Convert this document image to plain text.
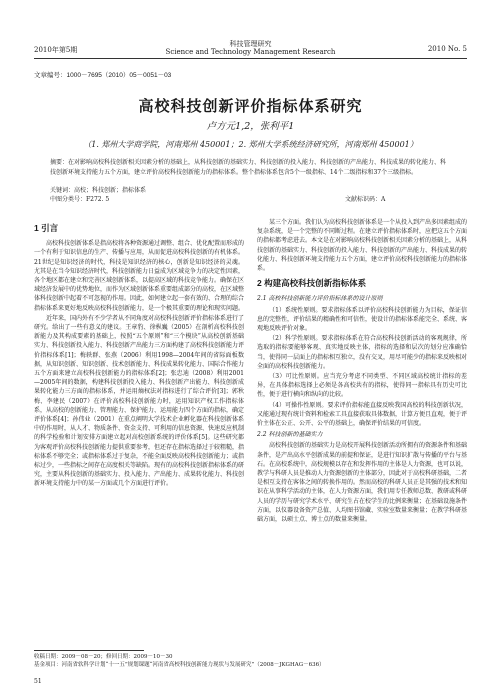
2010年第5期
科技管理研究
Science and Technology Management Research	2010 No. 5
文章编号：1000－7695（2010）05－0051－03
高校科技创新评价指标体系研究
卢方元1,2，张利平1
（1. 郑州大学商学院，河南郑州 450001；2. 郑州大学系统经济研究所，河南郑州 450001）
摘要：在对影响高校科技创新相关因素分析的基础上，从科技创新的基础实力、科技创新的投入能力、科技创新的产出能力、科技成果的转化能力、科技创新环境支持能力五个方面，建立评价高校科技创新能力的指标体系。整个指标体系包含5个一级指标、14个二级指标和37个三级指标。
关键词：高校；科技创新；指标体系
中图分类号：F272. 5	文献标识码：A
1 引言

高校科技创新体系是指高校将各种资源通过调整、组合、优化配置而形成的一个有利于知识信息的生产、传播与应用，从而促进高校科技创新的有机体系。21世纪是知识经济的时代，科技是知识经济的核心，创新是知识经济的灵魂。尤其是在当今知识经济时代，科技创新能力日益成为区域竞争力的决定性因素，各个地区都在建立和完善区域创新体系，以提高区域的科技竞争能力。确保在区域经济发展中的优势地位，而作为区域创新体系重要组成部分的高校，在区域整体科技创新中起着不可忽视的作用。因此，如何建立起一套有效的、合理的综合指标体系来更好地反映高校科技创新能力，是一个极其重要的理论和现实问题。

近年来，国内外有不少学者从不同角度对高校科技创新评价指标体系进行了研究。给出了一些有意义的建议。王章豹、徐枞巍（2005）在剖析高校科技创新能力及其构成要素的基础上，按照“五个原则”和“三个模块”从高校创新基础实力、科技创新投入能力、科技创新产出能力三方面构建了高校科技创新能力评价指标体系[1]；梅轶群、张燕（2006）利用1998—2004年间的省际面板数据，从知识创新、知识创新、技术创新能力、科技成果转化能力、国际合作能力五个方面来建立高校科技创新能力的指标体系[2]；张忠迪（2008）利用2001—2005年间的数据，构建科技创新投入能力、科技创新产出能力、科技创新成果转化能力三方面的指标体系，并运用熵权法对指标进行了综合评价[3]；郭秋梅、李建民（2007）在评价高校科技创新能力时，运用知识产权工作指标体系，从高校的创新能力、管理能力、保护能力、运用能力四个方面的指标，确定评价体系[4]；孙伟业（2001）在重点阐明大学技术企业孵化器在科技创新体系中的作用时，从人才、物质条件、资金支持、可利用的信息资源、快速反应机制的科学检验和计划安排方面建立起对高校创新系统的评价体系[5]。这些研究都为客观评价高校科技创新能力提供重要参考，但还存在指标选择过于较粗糙，指标体系不够完全；或指标体系过于复杂，不能全面反映高校科技创新能力；或指标过少，一些指标之间存在高度相关等缺陷。现有的高校科技创新指标体系的研究，主要从科技创新的基础实力、投入能力、产出能力、成果转化能力、科技创新环境支持能力中的某一方面或几个方面进行评价。

某三个方面。我们认为高校科技创新体系是一个从投入到产出多因素组成的复杂系统，是一个完整的不同断过程。在建立评价指标体系时，应把这五个方面的指标都考虑进去。本文是在对影响高校科技创新相关因素分析的基础上，从科技创新的基础实力、科技创新的投入能力、科技创新的产出能力、科技成果的转化能力、科技创新环境支持能力五个方面，建立评价高校科技创新能力的指标体系。

2 构建高校科技创新指标体系
2.1 高校科技创新能力评价指标体系的设计原则

（1）系统性原则。要求指标体系以评价高校科技创新能力为目标，保证信息的完整性，评价结果的精确性和可信性，使设计的指标体系能完全、系统、客观地反映评价对象。

（2）科学性原则。要求指标体系在符合高校科技创新活动的客观规律，所选取的指标要能够客观、真实地反映主体，指标的选择和层次的划分应准确恰当，使得同一层面上的指标相互独立，没有交叉，用尽可能少的指标来反映相对全面的高校科技创新能力。

（3）可比性原则。应当充分考虑不同类型、不同区域高校统计指标的差异，在具体指标选择上必须是各高校共有的指标，使得同一指标具有历史可比性，便于进行横向和纵向的比较。

（4）可操作性原则。要求评价指标能直接反映我国高校的科技创新状况，又能通过现有统计资料和检索工具直接获取具体数据，计算方便且直观，便于评价主体在公正、公开、公平的基础上，确保评价结果的可信度。

2.2 科技创新的基础实力

高校科技创新的基础实力是高校开展科技创新活动所拥有的资源条件和基础条件，是产出高水平创新成果的前提和保证，是进行知识扩散与传播的平台与基石。在高校系统中，高校规模以存在和发挥作用的主体是人力资源，也可以说，教学与科研人员是推动人力资源创新的主体部分，因此对于高校科研基础，二者是相互支持在客体之间的转换作用的。然而高校的科研人员正是其强的技术和知识在从事科学活动的主体，在人力资源方面，我们用专任教师总数、教研或科研人员的学历与研究学术水平、研究生占在校学生的比例来衡量；在基础设施条件方面，以仪器设备资产总值、人均图书馆藏、实验室数量来衡量；在教学科研基础方面，以硕士点、博士点的数量来衡量。

收稿日期：2009－08－20；修回日期：2009－10－30
基金项目：河南省软科学计划“十一五”规划课题“河南省高校科技创新能力现状与发展研究”（2008－JKGHAG－636）
51
